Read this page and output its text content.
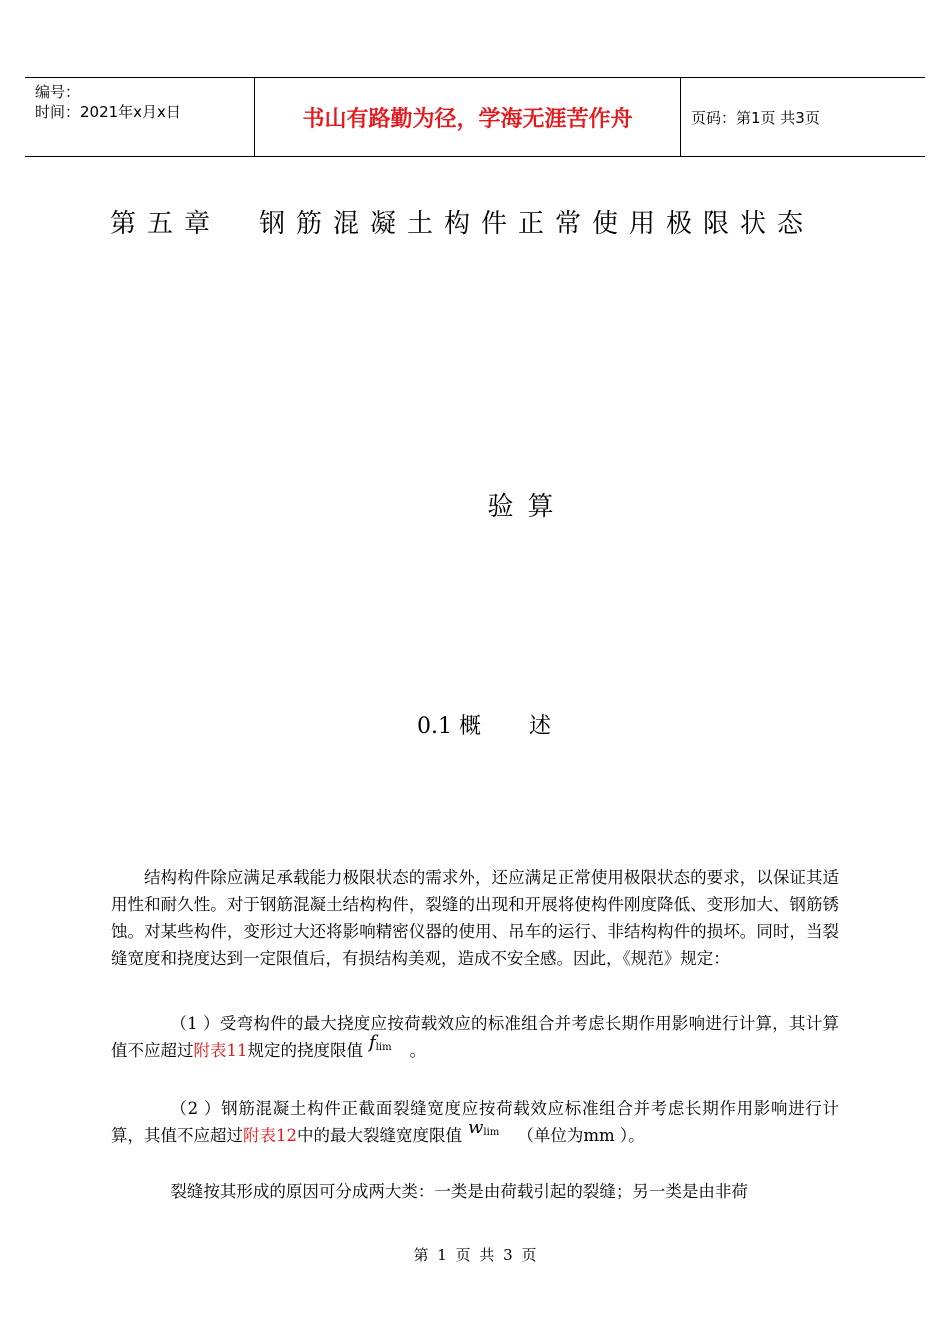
编号：
时间：2021年x月x日	书山有路勤为径，学海无涯苦作舟	页码：第1页 共3页
第五章 钢筋混凝土构件正常使用极限状态
验算
0.1 概 述
结构构件除应满足承载能力极限状态的需求外，还应满足正常使用极限状态的要求，以保证其适用性和耐久性。对于钢筋混凝土结构构件，裂缝的出现和开展将使构件刚度降低、变形加大、钢筋锈蚀。对某些构件，变形过大还将影响精密仪器的使用、吊车的运行、非结构构件的损坏。同时，当裂缝宽度和挠度达到一定限值后，有损结构美观，造成不安全感。因此，《规范》规定：
（1 ）受弯构件的最大挠度应按荷载效应的标准组合并考虑长期作用影响进行计算，其计算值不应超过附表11规定的挠度限值 $f^{lim}$ 。
（2 ）钢筋混凝土构件正截面裂缝宽度应按荷载效应标准组合并考虑长期作用影响进行计算，其值不应超过附表12中的最大裂缝宽度限值 $w^{lim}$ （单位为mm ）。
裂缝按其形成的原因可分成两大类：一类是由荷载引起的裂缝；另一类是由非荷
第 1 页 共 3 页
